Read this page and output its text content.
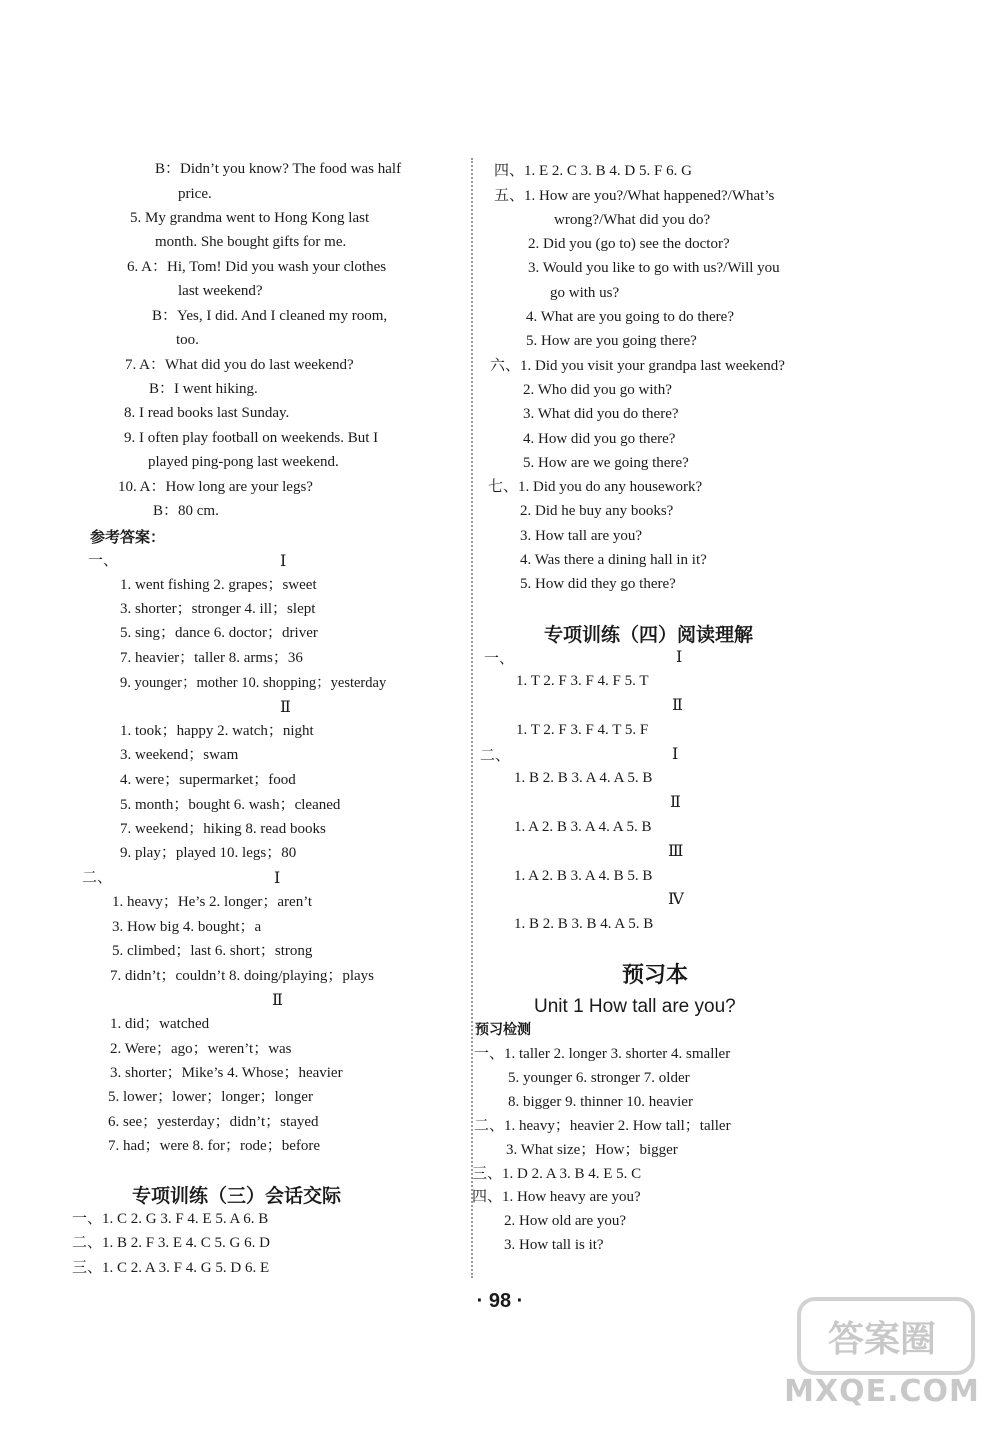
B：Didn’t you know? The food was half
price.
5. My grandma went to Hong Kong last
month. She bought gifts for me.
6. A：Hi, Tom! Did you wash your clothes
last weekend?
B：Yes, I did. And I cleaned my room,
too.
7. A：What did you do last weekend?
B：I went hiking.
8. I read books last Sunday.
9. I often play football on weekends. But I
played ping-pong last weekend.
10. A：How long are your legs?
B：80 cm.
参考答案：
一、	Ⅰ
1. went fishing 2. grapes；sweet
3. shorter；stronger 4. ill；slept
5. sing；dance 6. doctor；driver
7. heavier；taller 8. arms；36
9. younger；mother 10. shopping；yesterday
Ⅱ
1. took；happy 2. watch；night
3. weekend；swam
4. were；supermarket；food
5. month；bought 6. wash；cleaned
7. weekend；hiking 8. read books
9. play；played 10. legs；80
二、	Ⅰ
1. heavy；He’s 2. longer；aren’t
3. How big 4. bought；a
5. climbed；last 6. short；strong
7. didn’t；couldn’t 8. doing/playing；plays
Ⅱ
1. did；watched
2. Were；ago；weren’t；was
3. shorter；Mike’s 4. Whose；heavier
5. lower；lower；longer；longer
6. see；yesterday；didn’t；stayed
7. had；were 8. for；rode；before
专项训练（三）会话交际
一、1. C 2. G 3. F 4. E 5. A 6. B
二、1. B 2. F 3. E 4. C 5. G 6. D
三、1. C 2. A 3. F 4. G 5. D 6. E
四、1. E 2. C 3. B 4. D 5. F 6. G
五、1. How are you?/What happened?/What’s
wrong?/What did you do?
2. Did you (go to) see the doctor?
3. Would you like to go with us?/Will you
go with us?
4. What are you going to do there?
5. How are you going there?
六、1. Did you visit your grandpa last weekend?
2. Who did you go with?
3. What did you do there?
4. How did you go there?
5. How are we going there?
七、1. Did you do any housework?
2. Did he buy any books?
3. How tall are you?
4. Was there a dining hall in it?
5. How did they go there?
专项训练（四）阅读理解
一、	Ⅰ
1. T 2. F 3. F 4. F 5. T
Ⅱ
1. T 2. F 3. F 4. T 5. F
二、	Ⅰ
1. B 2. B 3. A 4. A 5. B
Ⅱ
1. A 2. B 3. A 4. A 5. B
Ⅲ
1. A 2. B 3. A 4. B 5. B
Ⅳ
1. B 2. B 3. B 4. A 5. B
预习本
Unit 1 How tall are you?
预习检测
一、1. taller 2. longer 3. shorter 4. smaller
5. younger 6. stronger 7. older
8. bigger 9. thinner 10. heavier
二、1. heavy；heavier 2. How tall；taller
3. What size；How；bigger
三、1. D 2. A 3. B 4. E 5. C
四、1. How heavy are you?
2. How old are you?
3. How tall is it?
· 98 ·
答案圈
MXQE.COM
